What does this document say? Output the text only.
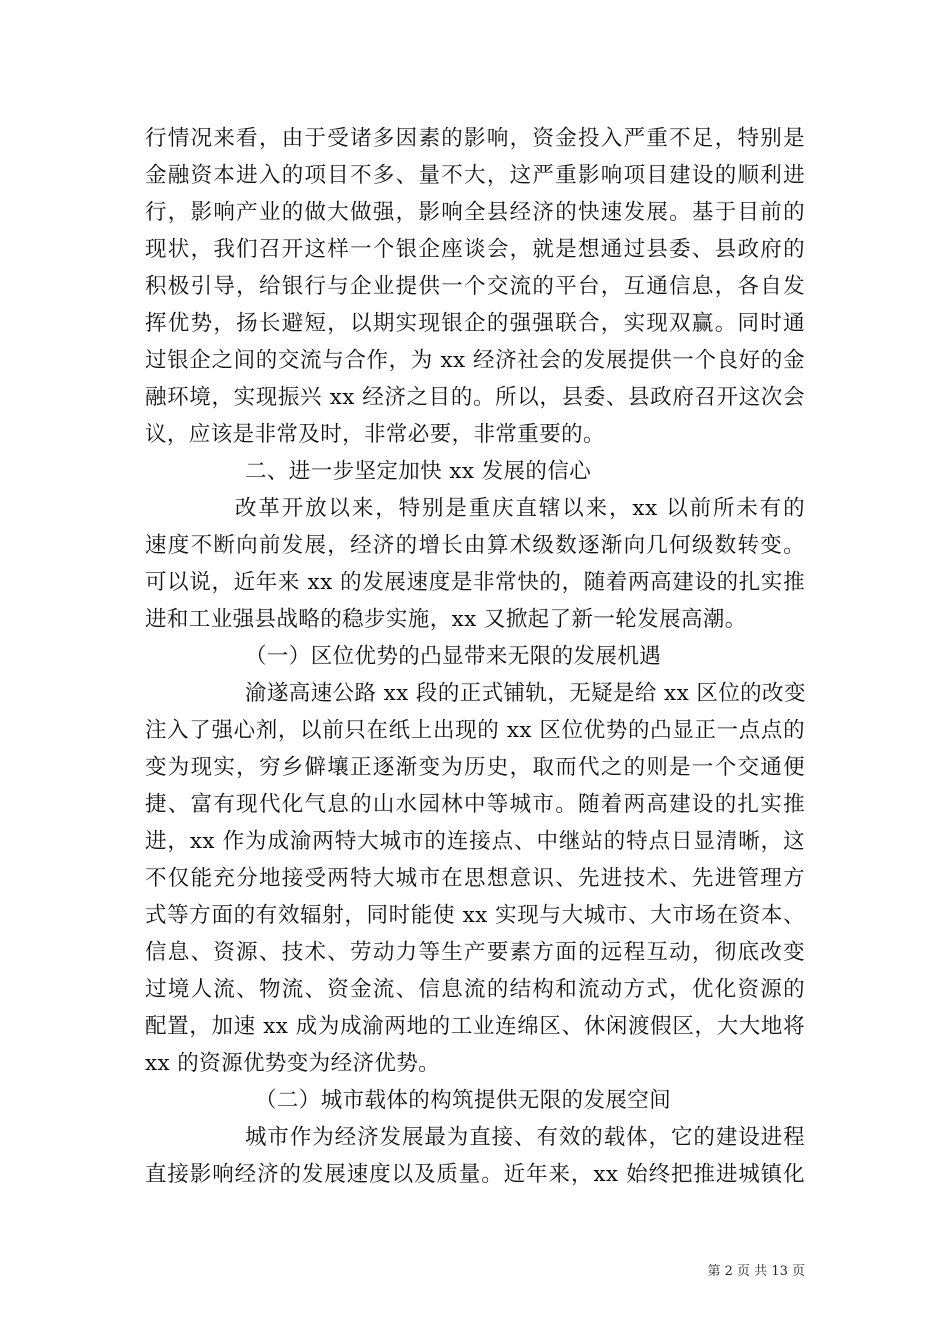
行情况来看，由于受诸多因素的影响，资金投入严重不足，特别是
金融资本进入的项目不多、量不大，这严重影响项目建设的顺利进
行，影响产业的做大做强，影响全县经济的快速发展。基于目前的
现状，我们召开这样一个银企座谈会，就是想通过县委、县政府的
积极引导，给银行与企业提供一个交流的平台，互通信息，各自发
挥优势，扬长避短，以期实现银企的强强联合，实现双赢。同时通
过银企之间的交流与合作，为 xx 经济社会的发展提供一个良好的金
融环境，实现振兴 xx 经济之目的。所以，县委、县政府召开这次会
议，应该是非常及时，非常必要，非常重要的。
二、进一步坚定加快 xx 发展的信心
改革开放以来，特别是重庆直辖以来，xx 以前所未有的
速度不断向前发展，经济的增长由算术级数逐渐向几何级数转变。
可以说，近年来 xx 的发展速度是非常快的，随着两高建设的扎实推
进和工业强县战略的稳步实施，xx 又掀起了新一轮发展高潮。
（一）区位优势的凸显带来无限的发展机遇
渝遂高速公路 xx 段的正式铺轨，无疑是给 xx 区位的改变
注入了强心剂，以前只在纸上出现的 xx 区位优势的凸显正一点点的
变为现实，穷乡僻壤正逐渐变为历史，取而代之的则是一个交通便
捷、富有现代化气息的山水园林中等城市。随着两高建设的扎实推
进，xx 作为成渝两特大城市的连接点、中继站的特点日显清晰，这
不仅能充分地接受两特大城市在思想意识、先进技术、先进管理方
式等方面的有效辐射，同时能使 xx 实现与大城市、大市场在资本、
信息、资源、技术、劳动力等生产要素方面的远程互动，彻底改变
过境人流、物流、资金流、信息流的结构和流动方式，优化资源的
配置，加速 xx 成为成渝两地的工业连绵区、休闲渡假区，大大地将
xx 的资源优势变为经济优势。
（二）城市载体的构筑提供无限的发展空间
城市作为经济发展最为直接、有效的载体，它的建设进程
直接影响经济的发展速度以及质量。近年来，xx 始终把推进城镇化
第 2 页 共 13 页
